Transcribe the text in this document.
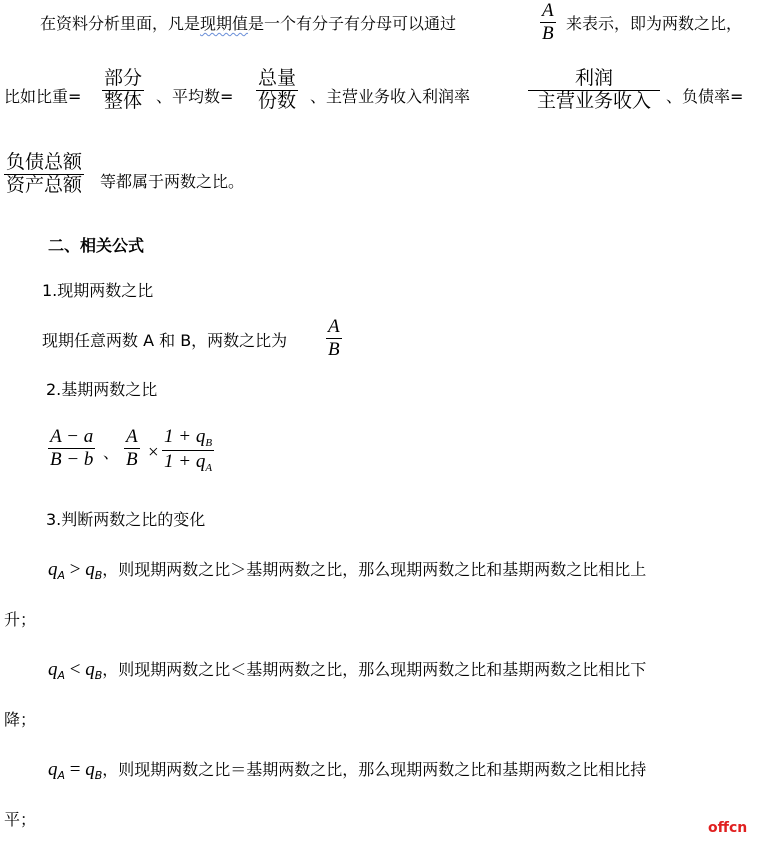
在资料分析里面，凡是现期值是一个有分子有分母可以通过
A
B 来表示，即为两数之比，
比如比重=
部分
整体 、平均数=
总量
份数 、主营业务收入利润率
利润
主营业务收入 、负债率=
负债总额
资产总额 等都属于两数之比。
二、相关公式
1.现期两数之比
现期任意两数 A 和 B，两数之比为
A
B
2.基期两数之比
A − a
B − b 、
A
B ×
$1 + q_B$
$1 + q_A$
3.判断两数之比的变化
$q_A > q_B$，则现期两数之比＞基期两数之比，那么现期两数之比和基期两数之比相比上
升；
$q_A < q_B$，则现期两数之比＜基期两数之比，那么现期两数之比和基期两数之比相比下
降；
$q_A = q_B$，则现期两数之比＝基期两数之比，那么现期两数之比和基期两数之比相比持
平；	offcn
